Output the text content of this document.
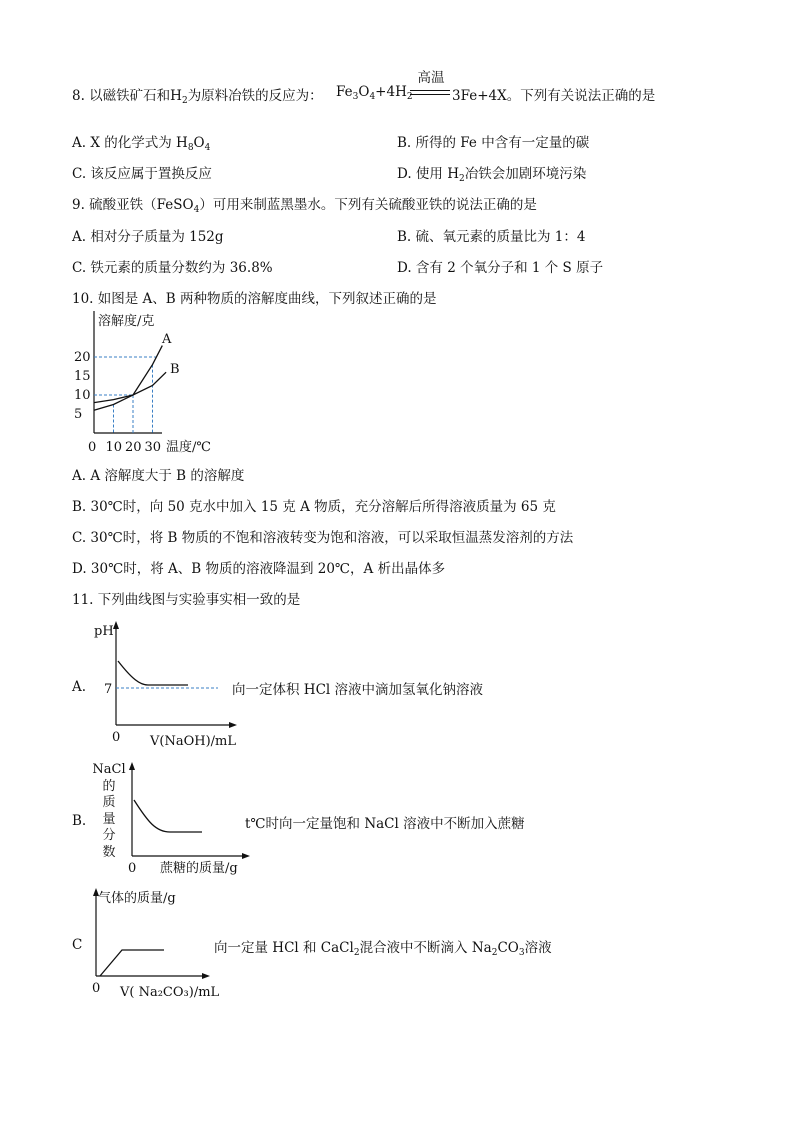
8. 以磁铁矿石和$H_2$为原料冶铁的反应为： $Fe_3O_4+4H_2$
高温
3Fe+4X。下列有关说法正确的是
A. X 的化学式为 $H_8O_4$	B. 所得的 Fe 中含有一定量的碳
C. 该反应属于置换反应	D. 使用 $H_2$冶铁会加剧环境污染
9. 硫酸亚铁（FeSO$_4$）可用来制蓝黑墨水。下列有关硫酸亚铁的说法正确的是
A. 相对分子质量为 152g	B. 硫、氧元素的质量比为 1：4
C. 铁元素的质量分数约为 36.8%	D. 含有 2 个氧分子和 1 个 S 原子
10. 如图是 A、B 两种物质的溶解度曲线，下列叙述正确的是
溶解度/克
温度/℃
5
10
15
20
0 10 20 30
A
B
A. A 溶解度大于 B 的溶解度
B. 30℃时，向 50 克水中加入 15 克 A 物质，充分溶解后所得溶液质量为 65 克
C. 30℃时，将 B 物质的不饱和溶液转变为饱和溶液，可以采取恒温蒸发溶剂的方法
D. 30℃时，将 A、B 物质的溶液降温到 20℃，A 析出晶体多
11. 下列曲线图与实验事实相一致的是
A.
pH
7
0 V(NaOH)/mL
向一定体积 HCl 溶液中滴加氢氧化钠溶液
B.
NaCl
的
质
量
分
数
0 蔗糖的质量/g
t℃时向一定量饱和 NaCl 溶液中不断加入蔗糖
C
气体的质量/g
0 V( Na₂CO₃)/mL
向一定量 HCl 和 CaCl$_2$混合液中不断滴入 $Na_2CO_3$溶液
